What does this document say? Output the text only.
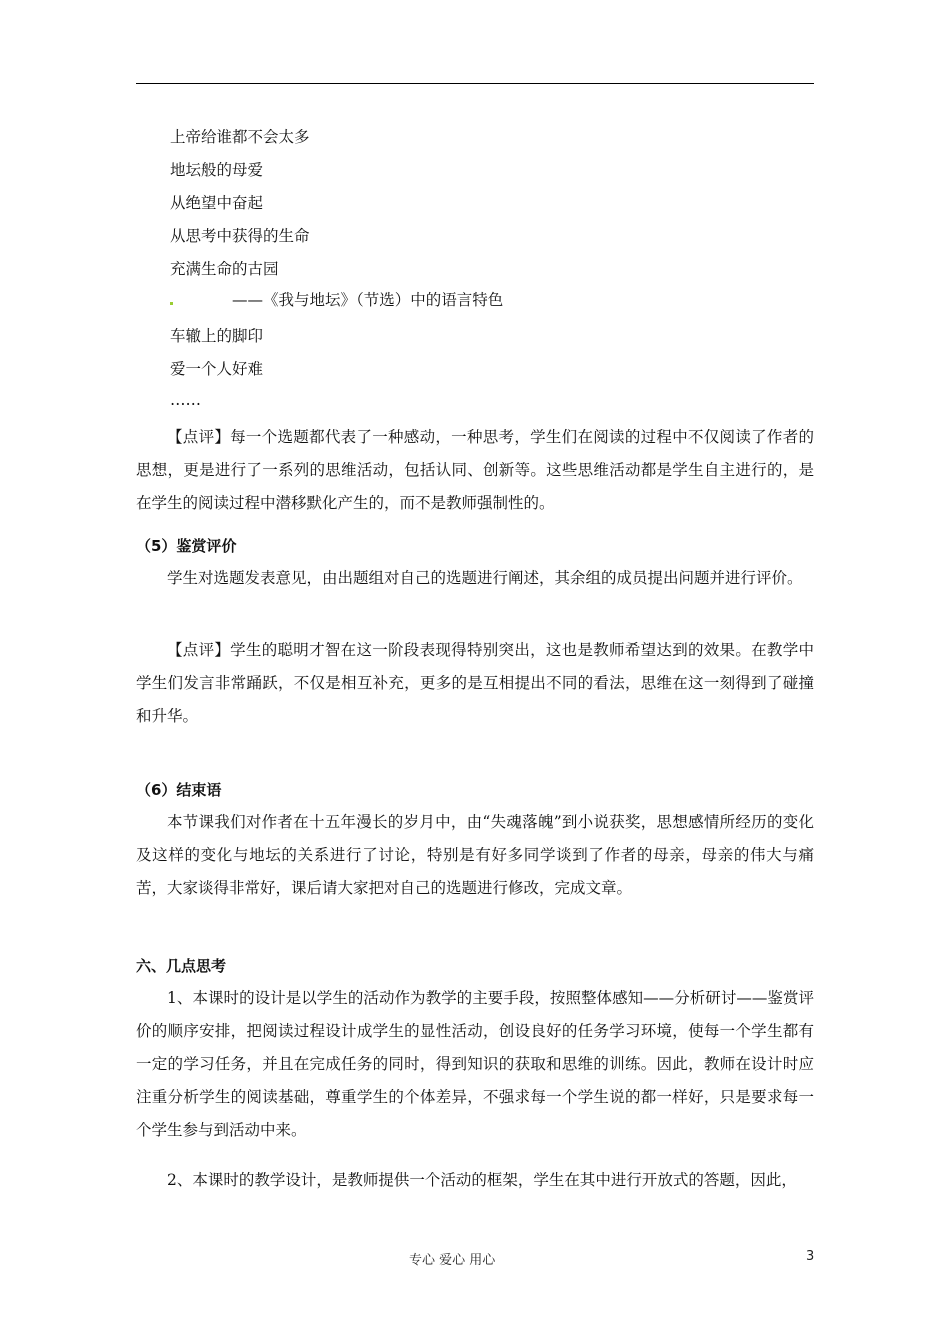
上帝给谁都不会太多
地坛般的母爱
从绝望中奋起
从思考中获得的生命
充满生命的古园
——《我与地坛》（节选）中的语言特色
车辙上的脚印
爱一个人好难
……
【点评】每一个选题都代表了一种感动，一种思考，学生们在阅读的过程中不仅阅读了作者的思想，更是进行了一系列的思维活动，包括认同、创新等。这些思维活动都是学生自主进行的，是在学生的阅读过程中潜移默化产生的，而不是教师强制性的。
（5）鉴赏评价
学生对选题发表意见，由出题组对自己的选题进行阐述，其余组的成员提出问题并进行评价。
【点评】学生的聪明才智在这一阶段表现得特别突出，这也是教师希望达到的效果。在教学中学生们发言非常踊跃，不仅是相互补充，更多的是互相提出不同的看法，思维在这一刻得到了碰撞和升华。
（6）结束语
本节课我们对作者在十五年漫长的岁月中，由“失魂落魄”到小说获奖，思想感情所经历的变化及这样的变化与地坛的关系进行了讨论，特别是有好多同学谈到了作者的母亲，母亲的伟大与痛苦，大家谈得非常好，课后请大家把对自己的选题进行修改，完成文章。
六、几点思考
1、本课时的设计是以学生的活动作为教学的主要手段，按照整体感知——分析研讨——鉴赏评价的顺序安排，把阅读过程设计成学生的显性活动，创设良好的任务学习环境，使每一个学生都有一定的学习任务，并且在完成任务的同时，得到知识的获取和思维的训练。因此，教师在设计时应注重分析学生的阅读基础，尊重学生的个体差异，不强求每一个学生说的都一样好，只是要求每一个学生参与到活动中来。
2、本课时的教学设计，是教师提供一个活动的框架，学生在其中进行开放式的答题，因此，
专心 爱心 用心	3
